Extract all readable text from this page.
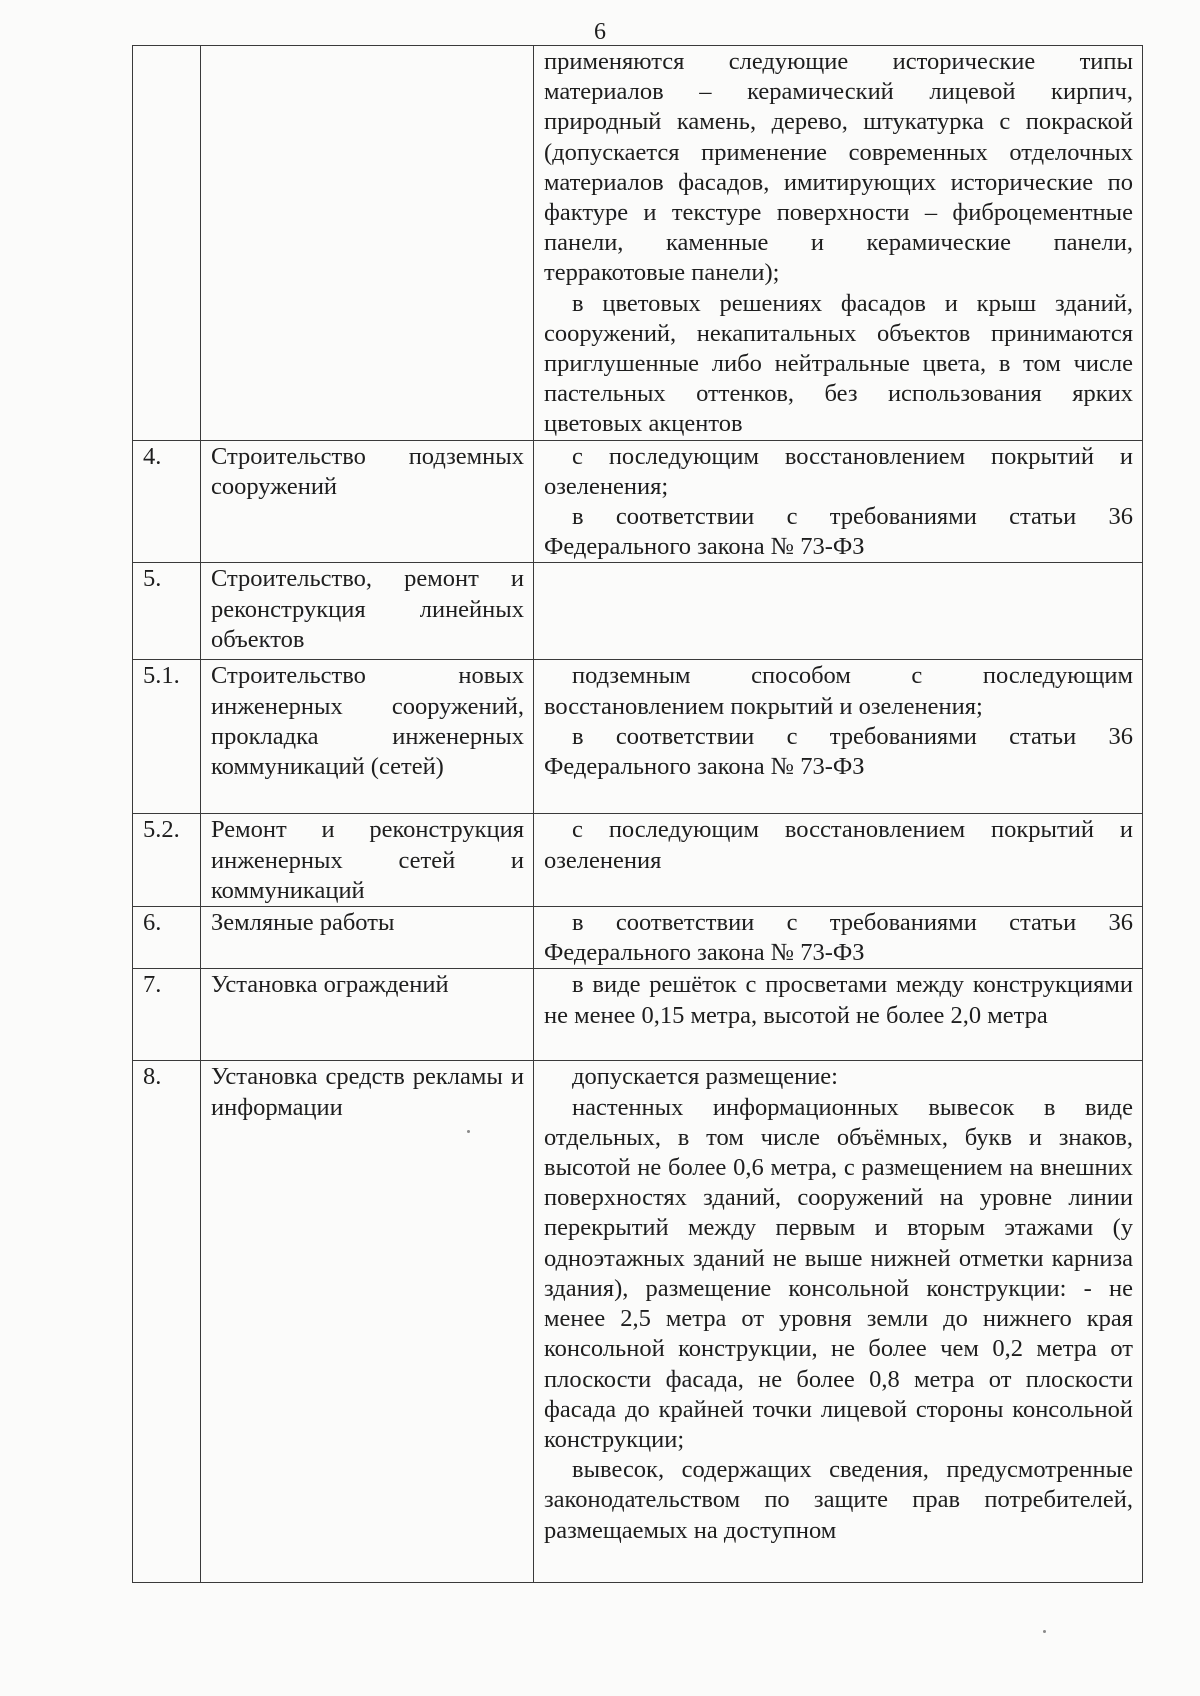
6

		применяются следующие исторические типы материалов – керамический лицевой кирпич, природный камень, дерево, штукатурка с покраской (допускается применение современных отделочных материалов фасадов, имитирующих исторические по фактуре и текстуре поверхности – фиброцементные панели, каменные и керамические панели, терракотовые панели);

в цветовых решениях фасадов и крыш зданий, сооружений, некапитальных объектов принимаются приглушенные либо нейтральные цвета, в том числе пастельных оттенков, без использования ярких цветовых акцентов

4.	Строительство подземных сооружений	с последующим восстановлением покрытий и озеленения;

в соответствии с требованиями статьи 36 Федерального закона № 73-ФЗ

5.	Строительство, ремонт и реконструкция линейных объектов	
5.1.	Строительство новых инженерных сооружений, прокладка инженерных коммуникаций (сетей)	подземным способом с последующим восстановлением покрытий и озеленения;

в соответствии с требованиями статьи 36 Федерального закона № 73-ФЗ

5.2.	Ремонт и реконструкция инженерных сетей и коммуникаций	с последующим восстановлением покрытий и озеленения

6.	Земляные работы	в соответствии с требованиями статьи 36 Федерального закона № 73-ФЗ

7.	Установка ограждений	в виде решёток с просветами между конструкциями не менее 0,15 метра, высотой не более 2,0 метра

8.	Установка средств рекламы и информации	допускается размещение:

настенных информационных вывесок в виде отдельных, в том числе объёмных, букв и знаков, высотой не более 0,6 метра, с размещением на внешних поверхностях зданий, сооружений на уровне линии перекрытий между первым и вторым этажами (у одноэтажных зданий не выше нижней отметки карниза здания), размещение консольной конструкции: - не менее 2,5 метра от уровня земли до нижнего края консольной конструкции, не более чем 0,2 метра от плоскости фасада, не более 0,8 метра от плоскости фасада до крайней точки лицевой стороны консольной конструкции;

вывесок, содержащих сведения, предусмотренные законодательством по защите прав потребителей, размещаемых на доступном
